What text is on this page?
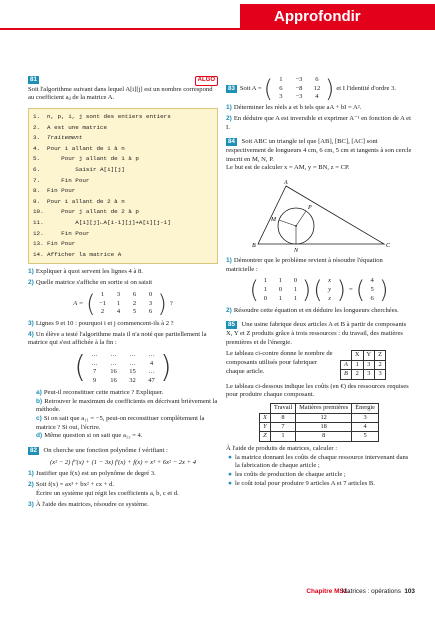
Approfondir
81	ALGO
Soit l'algorithme suivant dans lequel A[i][j] est un nombre correspond au coefficient aᵢⱼ de la matrice A.
1.	n, p, i, j sont des entiers entiers
2.	A est une matrice
3.	Traitement
4.	Pour i allant de 1 à n
5.	Pour j allant de 1 à p
6.	Saisir A[i][j]
7.	Fin Pour
8.	Fin Pour
9.	Pour i allant de 2 à n
10. Pour j allant de 2 à p
11. A[i][j]←A[i-1][j]+A[i][j-1]
12. Fin Pour
13. Fin Pour
14. Afficher la matrice A
1) Expliquer à quoi servent les lignes 4 à 8.
2) Quelle matrice s'affiche en sortie si on saisit
A = ( 1	3	6	0
−1	1	2	3
2	4	5	6 ) ?
3) Lignes 9 et 10 : pourquoi i et j commencent-ils à 2 ?
4) Un élève a testé l'algorithme mais il n'a noté que partiellement la matrice qui s'est affichée à la fin :
( …	…	…	…
…	…	…	4
7	16	15	…
9	16	32	47 )
a) Peut-il reconstituer cette matrice ? Expliquer.
b) Retrouver le maximum de coefficients en décrivant brièvement la méthode.
c) Si on sait que a₁₁ = −5, peut-on reconstituer complètement la matrice ? Si oui, l'écrire.
d) Même question si on sait que a₁₂ = 4.
82 On cherche une fonction polynôme f vérifiant :
(x² − 2) f″(x) + (1 − 3x) f′(x) + f(x) = x³ + 6x² − 2x + 4
1) Justifier que f(x) est un polynôme de degré 3.
2) Soit f(x) = ax³ + bx² + cx + d.
Écrire un système qui régit les coefficients a, b, c et d.
3) À l'aide des matrices, résoudre ce système.
83 Soit A = ( 1	−3	6
6	−8	12
3	−3	4 ) et I l'identité d'ordre 3.
1) Déterminer les réels a et b tels que aA + bI = A².
2) En déduire que A est inversible et exprimer A⁻¹ en fonction de A et I.
84 Soit ABC un triangle tel que [AB], [BC], [AC] sont respectivement de longueurs 4 cm, 6 cm, 5 cm et tangents à son cercle inscrit en M, N, P.
Le but est de calculer x = AM, y = BN, z = CP.
A
B	C
M
N
P
1) Démontrer que le problème revient à résoudre l'équation matricielle :
( 1	1	0
1	0	1
0	1	1 ) ( x
y
z ) = ( 4
5
6 )
2) Résoudre cette équation et en déduire les longueurs cherchées.
85 Une usine fabrique deux articles A et B à partir de composants X, Y et Z produits grâce à trois ressources : du travail, des matières premières et de l'énergie.
Le tableau ci-contre donne le nombre de composants utilisés pour fabriquer chaque article.
	X	Y	Z
A	1	3	2
B	2	3	3
Le tableau ci-dessous indique les coûts (en €) des ressources requises pour produire chaque composant.
	Travail	Matières premières	Énergie
X	8	12	3
Y	7	18	4
Z	1	8	5
À l'aide de produits de matrices, calculer :
● la matrice donnant les coûts de chaque ressource intervenant dans la fabrication de chaque article ;
● les coûts de production de chaque article ;
● le coût total pour produire 9 articles A et 7 articles B.
Chapitre MS1.
Matrices : opérations 103
